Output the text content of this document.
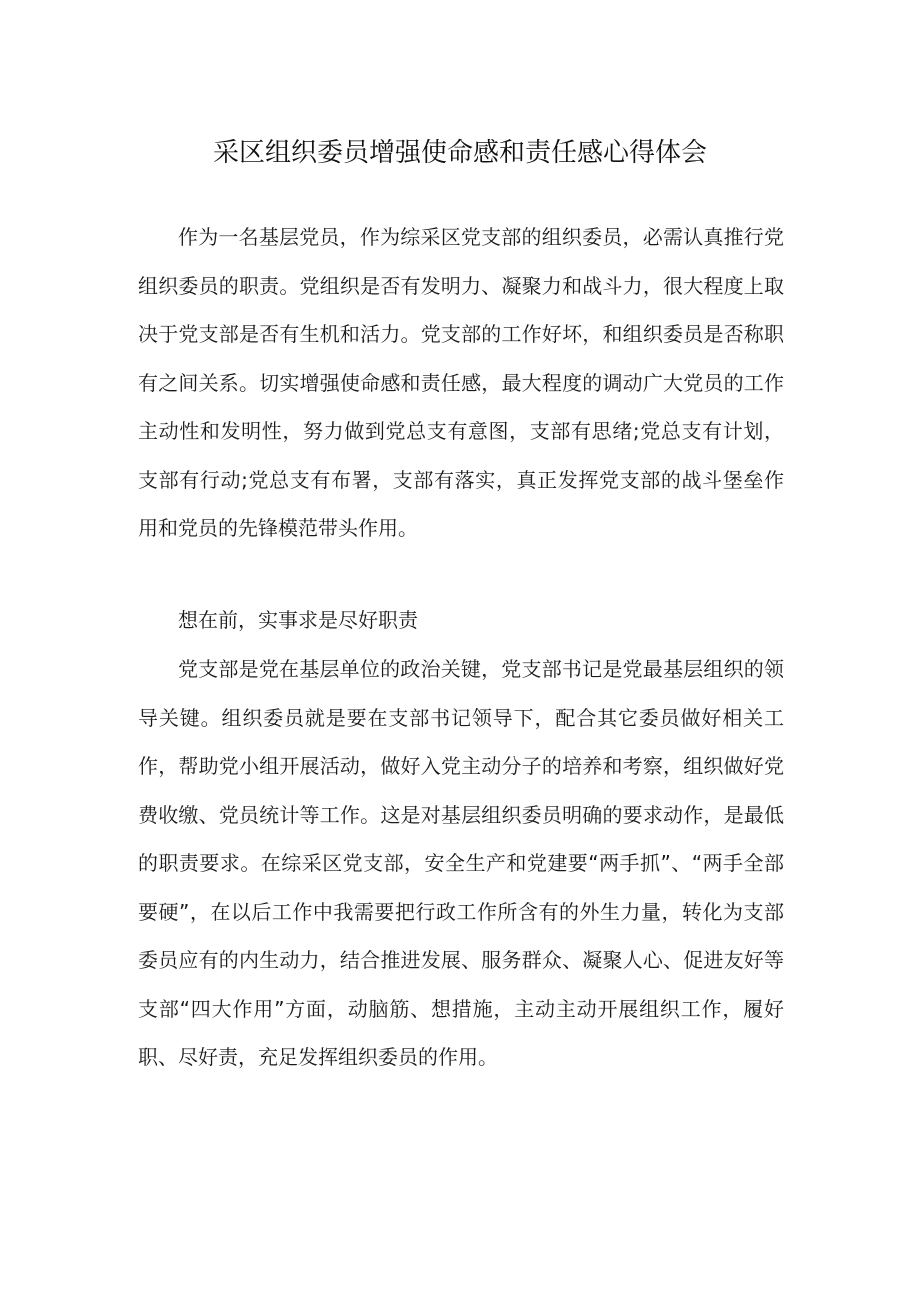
采区组织委员增强使命感和责任感心得体会

作为一名基层党员，作为综采区党支部的组织委员，必需认真推行党组织委员的职责。党组织是否有发明力、凝聚力和战斗力，很大程度上取决于党支部是否有生机和活力。党支部的工作好坏，和组织委员是否称职有之间关系。切实增强使命感和责任感，最大程度的调动广大党员的工作主动性和发明性，努力做到党总支有意图，支部有思绪;党总支有计划，支部有行动;党总支有布署，支部有落实，真正发挥党支部的战斗堡垒作用和党员的先锋模范带头作用。

想在前，实事求是尽好职责

党支部是党在基层单位的政治关键，党支部书记是党最基层组织的领导关键。组织委员就是要在支部书记领导下，配合其它委员做好相关工作，帮助党小组开展活动，做好入党主动分子的培养和考察，组织做好党费收缴、党员统计等工作。这是对基层组织委员明确的要求动作，是最低的职责要求。在综采区党支部，安全生产和党建要“两手抓”、“两手全部要硬”，在以后工作中我需要把行政工作所含有的外生力量，转化为支部委员应有的内生动力，结合推进发展、服务群众、凝聚人心、促进友好等支部“四大作用”方面，动脑筋、想措施，主动主动开展组织工作，履好职、尽好责，充足发挥组织委员的作用。
